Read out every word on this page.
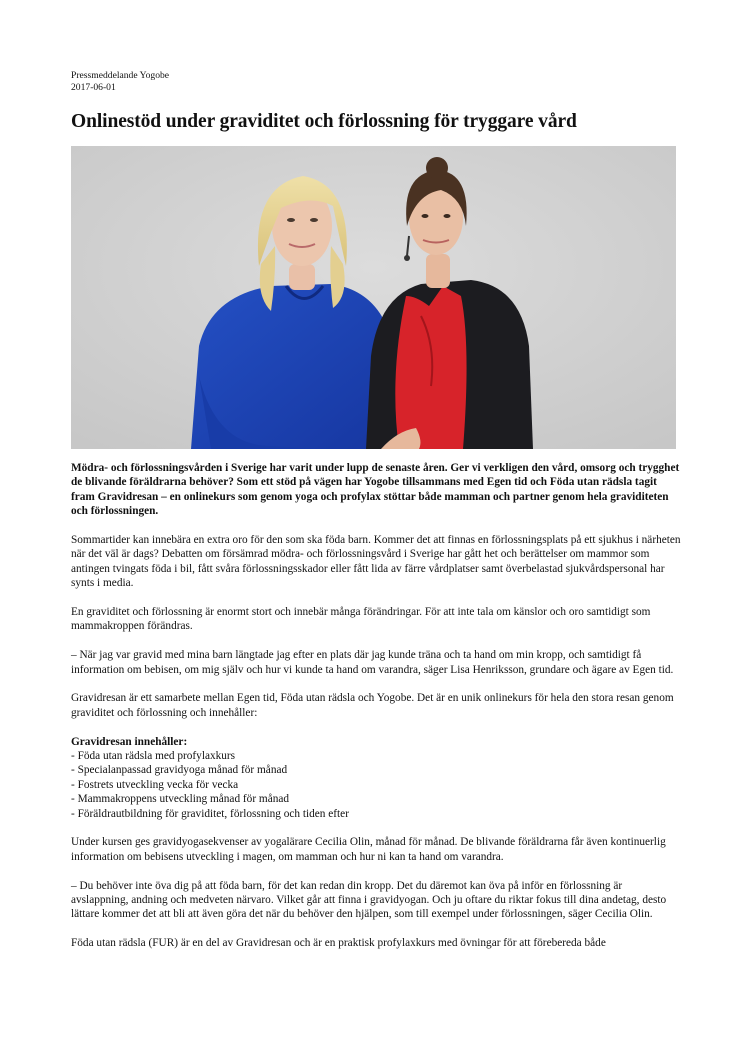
Pressmeddelande Yogobe
2017-06-01
Onlinestöd under graviditet och förlossning för tryggare vård

Mödra- och förlossningsvården i Sverige har varit under lupp de senaste åren. Ger vi verkligen den vård, omsorg och trygghet de blivande föräldrarna behöver? Som ett stöd på vägen har Yogobe tillsammans med Egen tid och Föda utan rädsla tagit fram Gravidresan – en onlinekurs som genom yoga och profylax stöttar både mamman och partner genom hela graviditeten och förlossningen.

Sommartider kan innebära en extra oro för den som ska föda barn. Kommer det att finnas en förlossningsplats på ett sjukhus i närheten när det väl är dags? Debatten om försämrad mödra- och förlossningsvård i Sverige har gått het och berättelser om mammor som antingen tvingats föda i bil, fått svåra förlossningsskador eller fått lida av färre vårdplatser samt överbelastad sjukvårdspersonal har synts i media.

En graviditet och förlossning är enormt stort och innebär många förändringar. För att inte tala om känslor och oro samtidigt som mammakroppen förändras.

– När jag var gravid med mina barn längtade jag efter en plats där jag kunde träna och ta hand om min kropp, och samtidigt få information om bebisen, om mig själv och hur vi kunde ta hand om varandra, säger Lisa Henriksson, grundare och ägare av Egen tid.

Gravidresan är ett samarbete mellan Egen tid, Föda utan rädsla och Yogobe. Det är en unik onlinekurs för hela den stora resan genom graviditet och förlossning och innehåller:

Gravidresan innehåller:
- Föda utan rädsla med profylaxkurs
- Specialanpassad gravidyoga månad för månad
- Fostrets utveckling vecka för vecka
- Mammakroppens utveckling månad för månad
- Föräldrautbildning för graviditet, förlossning och tiden efter

Under kursen ges gravidyogasekvenser av yogalärare Cecilia Olin, månad för månad. De blivande föräldrarna får även kontinuerlig information om bebisens utveckling i magen, om mamman och hur ni kan ta hand om varandra.

– Du behöver inte öva dig på att föda barn, för det kan redan din kropp. Det du däremot kan öva på inför en förlossning är avslappning, andning och medveten närvaro. Vilket går att finna i gravidyogan. Och ju oftare du riktar fokus till dina andetag, desto lättare kommer det att bli att även göra det när du behöver den hjälpen, som till exempel under förlossningen, säger Cecilia Olin.

Föda utan rädsla (FUR) är en del av Gravidresan och är en praktisk profylaxkurs med övningar för att förebereda både
